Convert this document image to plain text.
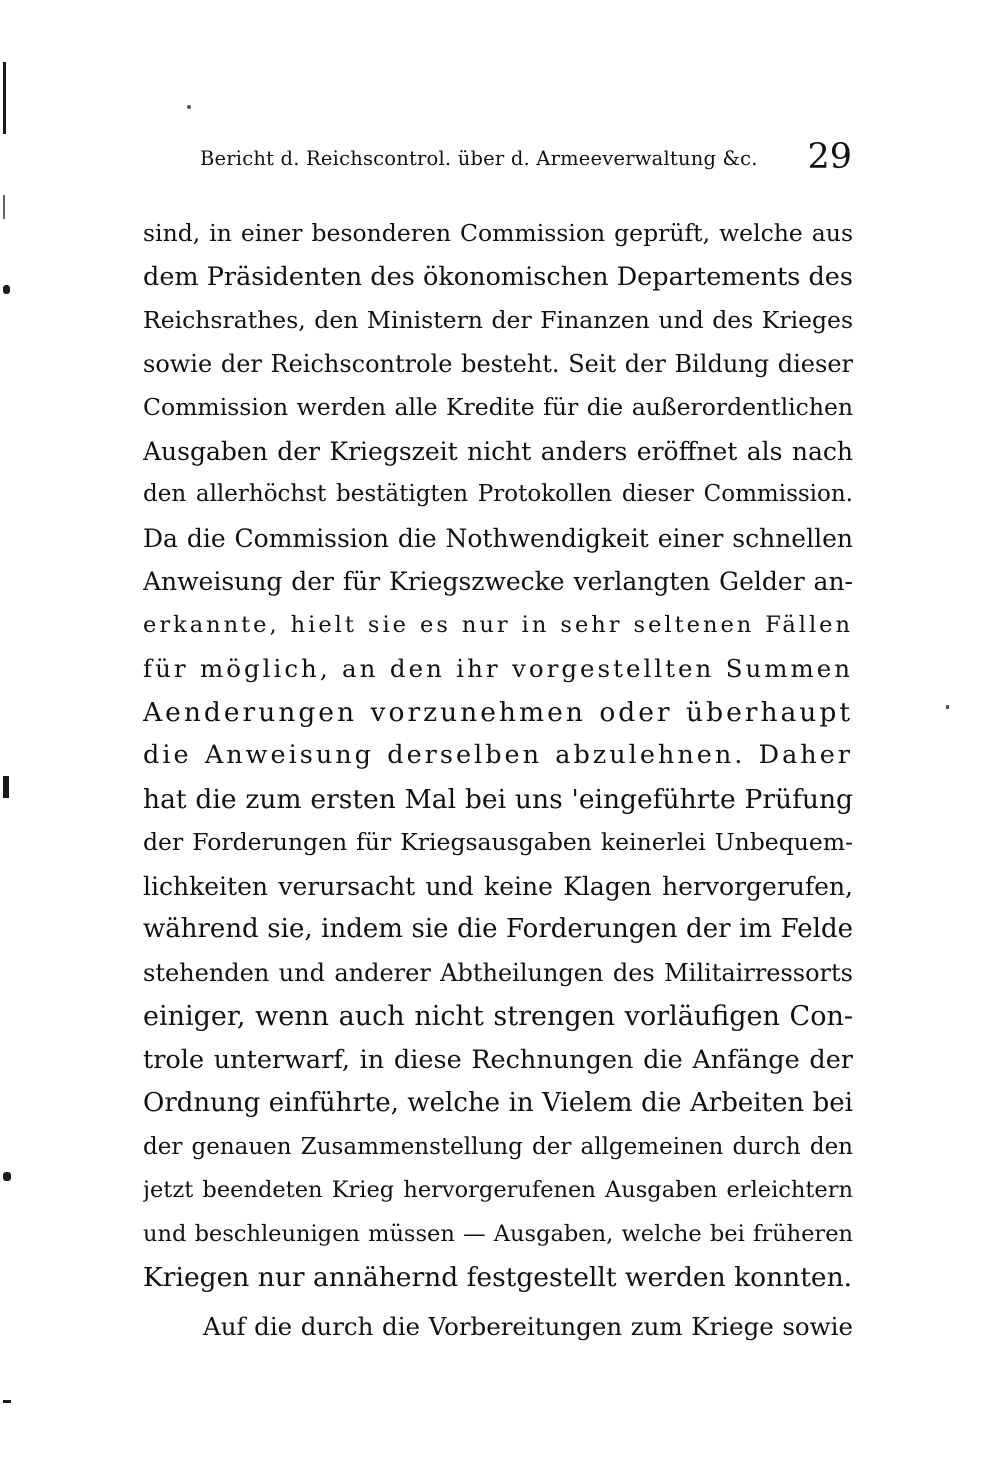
Bericht d. Reichscontrol. über d. Armeeverwaltung &c. 29
sind, in einer besonderen Commission geprüft, welche aus
dem Präsidenten des ökonomischen Departements des
Reichsrathes, den Ministern der Finanzen und des Krieges
sowie der Reichscontrole besteht. Seit der Bildung dieser
Commission werden alle Kredite für die außerordentlichen
Ausgaben der Kriegszeit nicht anders eröffnet als nach
den allerhöchst bestätigten Protokollen dieser Commission.
Da die Commission die Nothwendigkeit einer schnellen
Anweisung der für Kriegszwecke verlangten Gelder an-
erkannte, hielt sie es nur in sehr seltenen Fällen
für möglich, an den ihr vorgestellten Summen
Aenderungen vorzunehmen oder überhaupt
die Anweisung derselben abzulehnen. Daher
hat die zum ersten Mal bei uns 'eingeführte Prüfung
der Forderungen für Kriegsausgaben keinerlei Unbequem-
lichkeiten verursacht und keine Klagen hervorgerufen,
während sie, indem sie die Forderungen der im Felde
stehenden und anderer Abtheilungen des Militairressorts
einiger, wenn auch nicht strengen vorläufigen Con-
trole unterwarf, in diese Rechnungen die Anfänge der
Ordnung einführte, welche in Vielem die Arbeiten bei
der genauen Zusammenstellung der allgemeinen durch den
jetzt beendeten Krieg hervorgerufenen Ausgaben erleichtern
und beschleunigen müssen — Ausgaben, welche bei früheren
Kriegen nur annähernd festgestellt werden konnten.
Auf die durch die Vorbereitungen zum Kriege sowie
